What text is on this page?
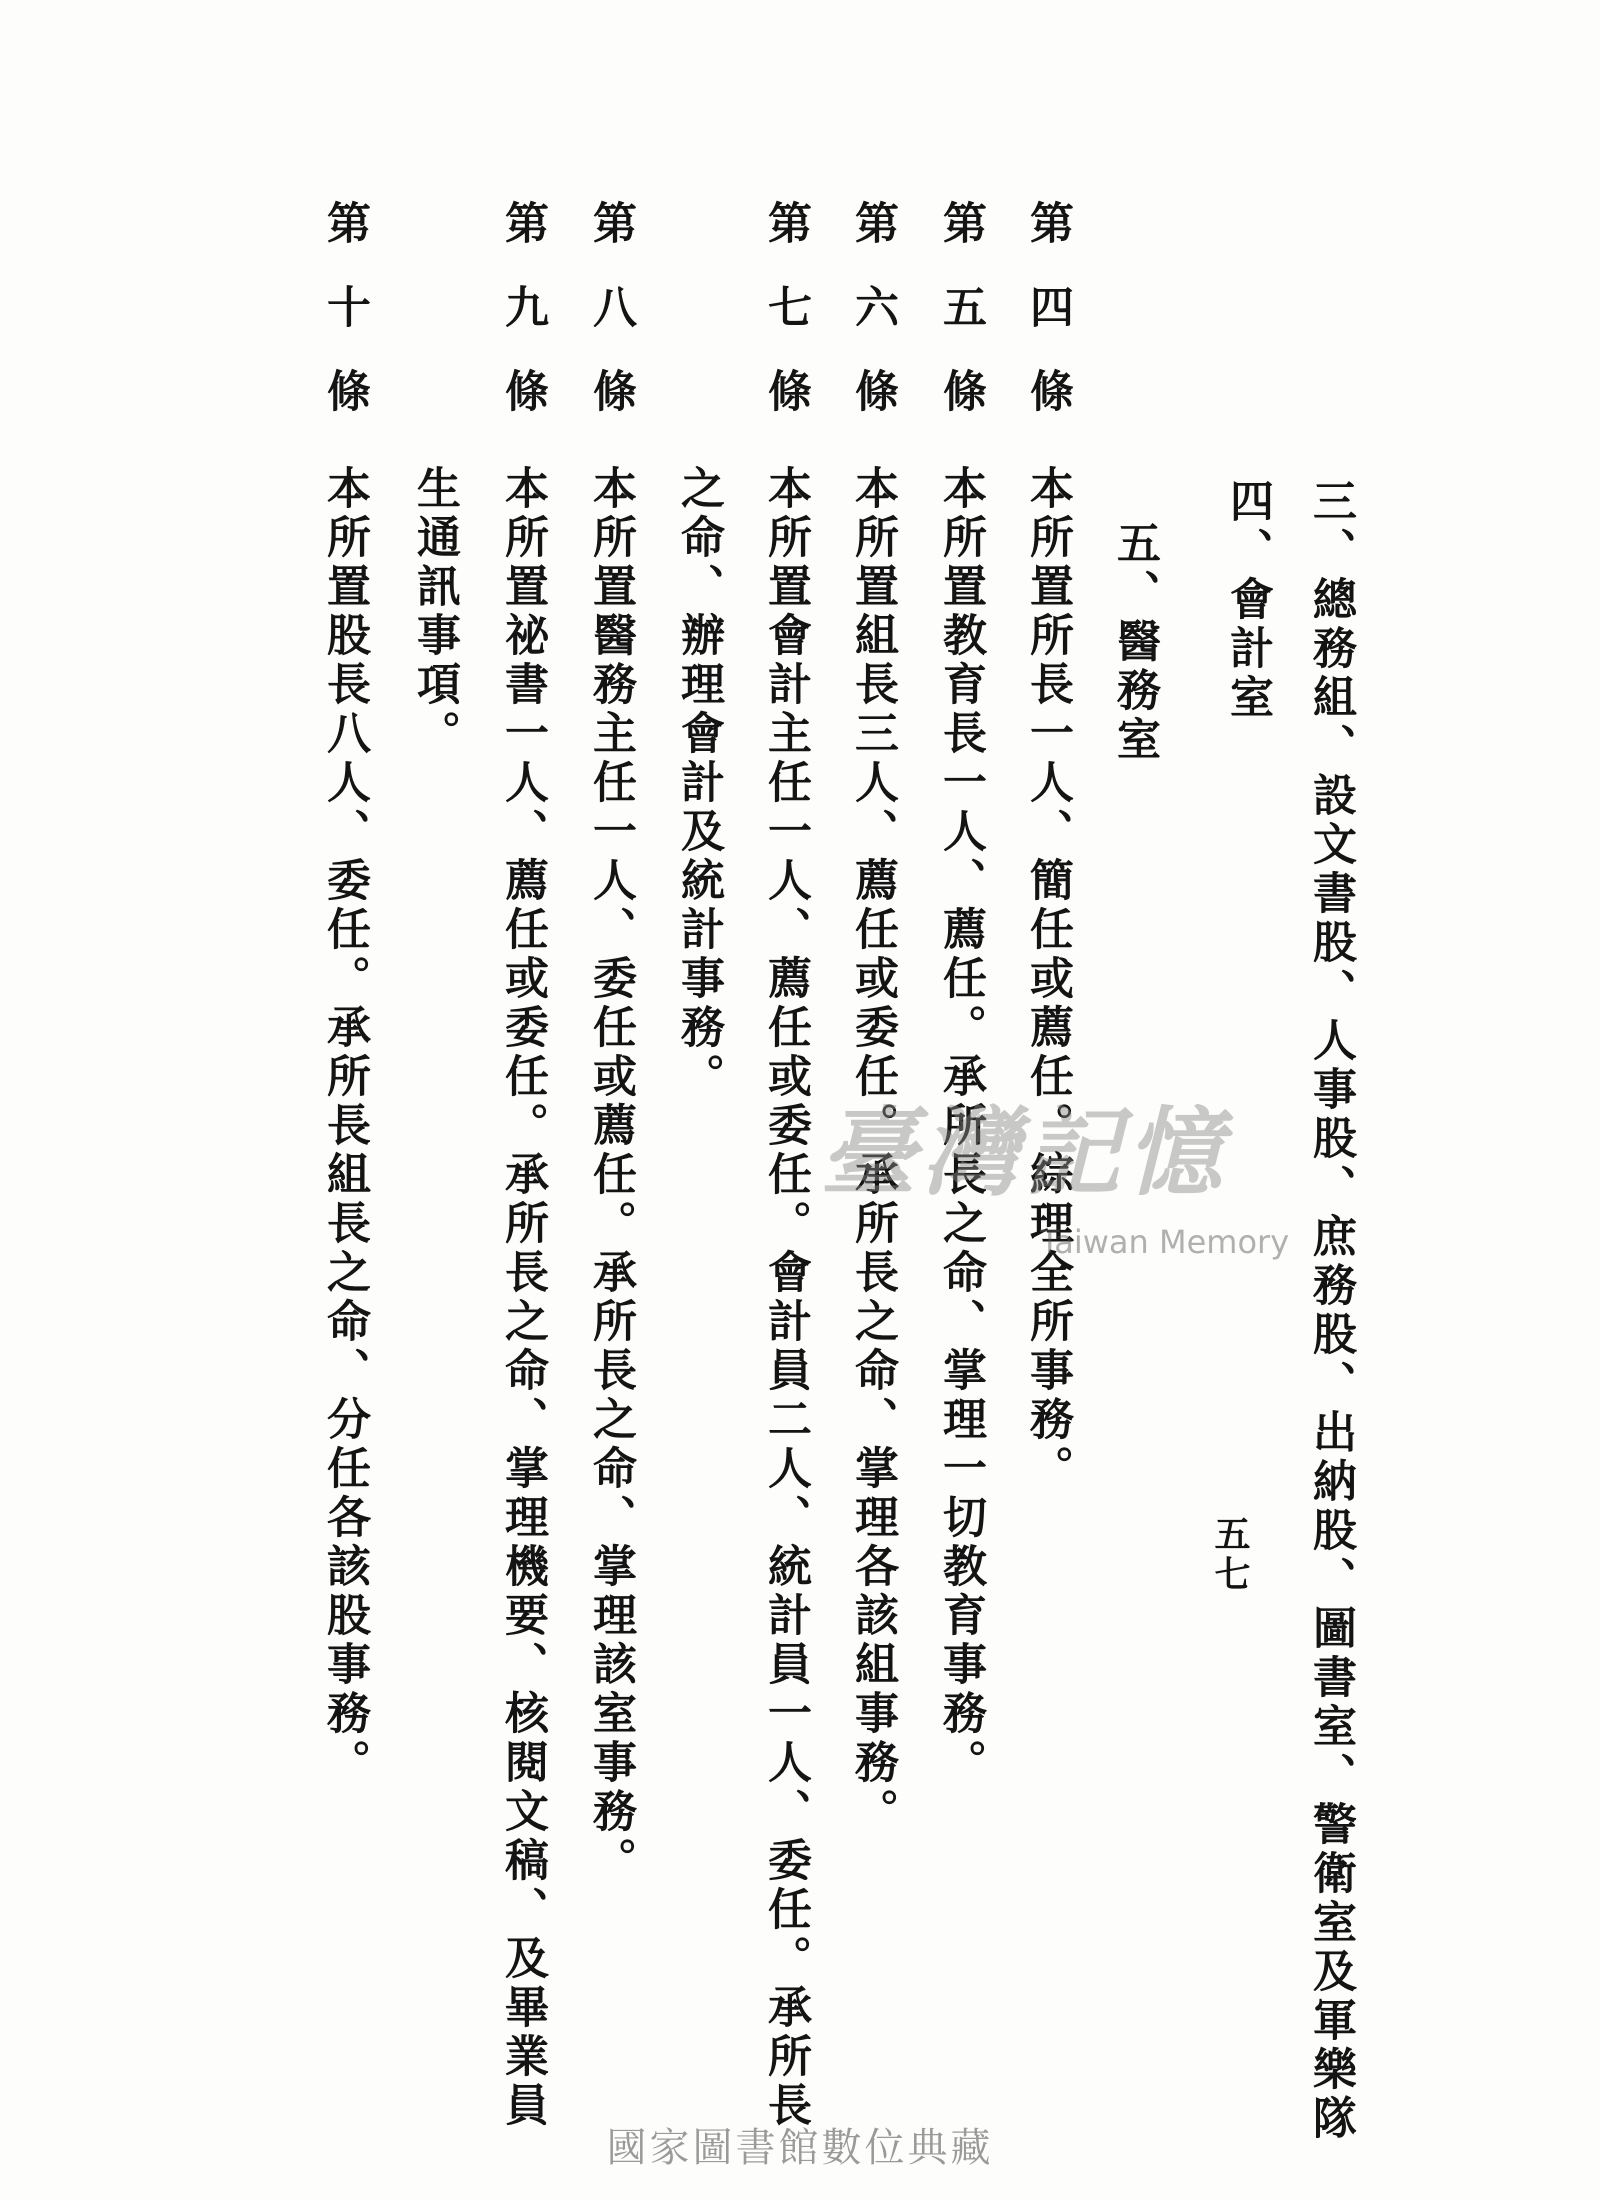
三、總務組、設文書股、人事股、庶務股、出納股、圖書室、警衛室及軍樂隊
四、會計室
五、醫務室
第四條
本所置所長一人、簡任或薦任。綜理全所事務。
第五條
本所置教育長一人、薦任。承所長之命、掌理一切教育事務。
第六條
本所置組長三人、薦任或委任。承所長之命、掌理各該組事務。
第七條
本所置會計主任一人、薦任或委任。會計員二人、統計員一人、委任。承所長
之命、辦理會計及統計事務。
第八條
本所置醫務主任一人、委任或薦任。承所長之命、掌理該室事務。
第九條
本所置祕書一人、薦任或委任。承所長之命、掌理機要、核閱文稿、及畢業員
生通訊事項。
第十條
本所置股長八人、委任。承所長組長之命、分任各該股事務。	五七
臺灣記憶
Taiwan Memory
國家圖書館數位典藏
